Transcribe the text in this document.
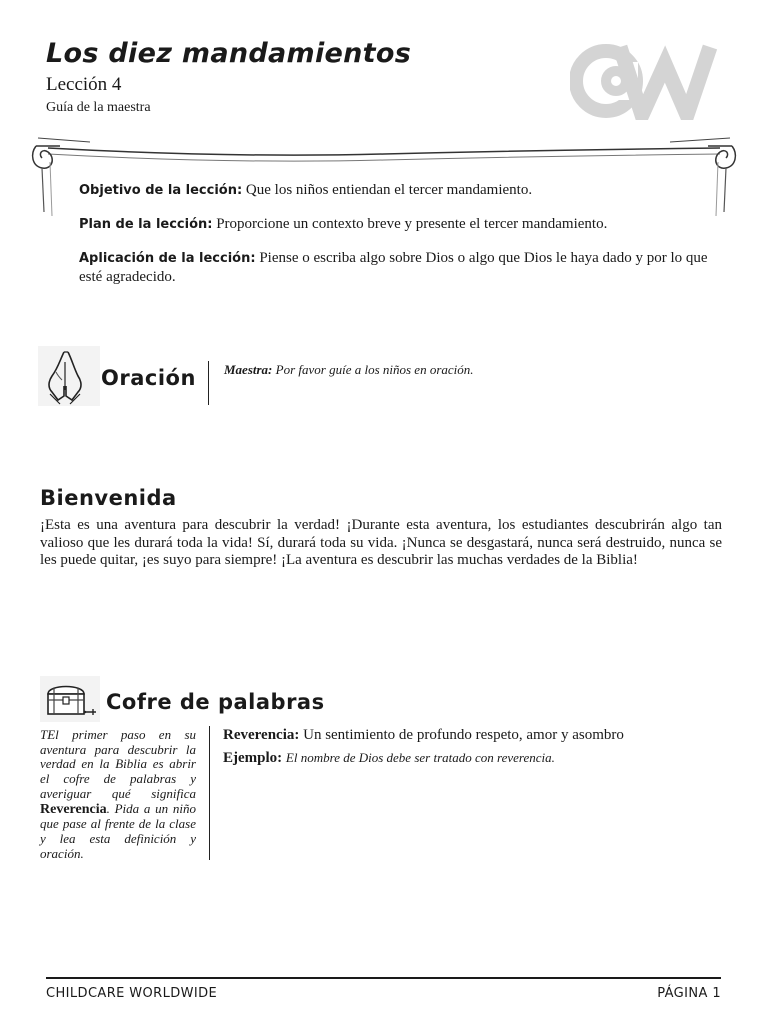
Los diez mandamientos
Lección 4
Guía de la maestra
Objetivo de la lección: Que los niños entiendan el tercer mandamiento.
Plan de la lección: Proporcione un contexto breve y presente el tercer mandamiento.
Aplicación de la lección: Piense o escriba algo sobre Dios o algo que Dios le haya dado y por lo que esté agradecido.
Oración Maestra: Por favor guíe a los niños en oración.
Bienvenida
¡Esta es una aventura para descubrir la verdad! ¡Durante esta aventura, los estudiantes descubrirán algo tan valioso que les durará toda la vida! Sí, durará toda su vida. ¡Nunca se desgastará, nunca será destruido, nunca se les puede quitar, ¡es suyo para siempre! ¡La aventura es descubrir las muchas verdades de la Biblia!
Cofre de palabras
TEl primer paso en su aventura para descubrir la verdad en la Biblia es abrir el cofre de palabras y averiguar qué significa Reverencia. Pida a un niño que pase al frente de la clase y lea esta definición y oración.
Reverencia: Un sentimiento de profundo respeto, amor y asombro
Ejemplo: El nombre de Dios debe ser tratado con reverencia.
CHILDCARE WORLDWIDE	PÁGINA 1
